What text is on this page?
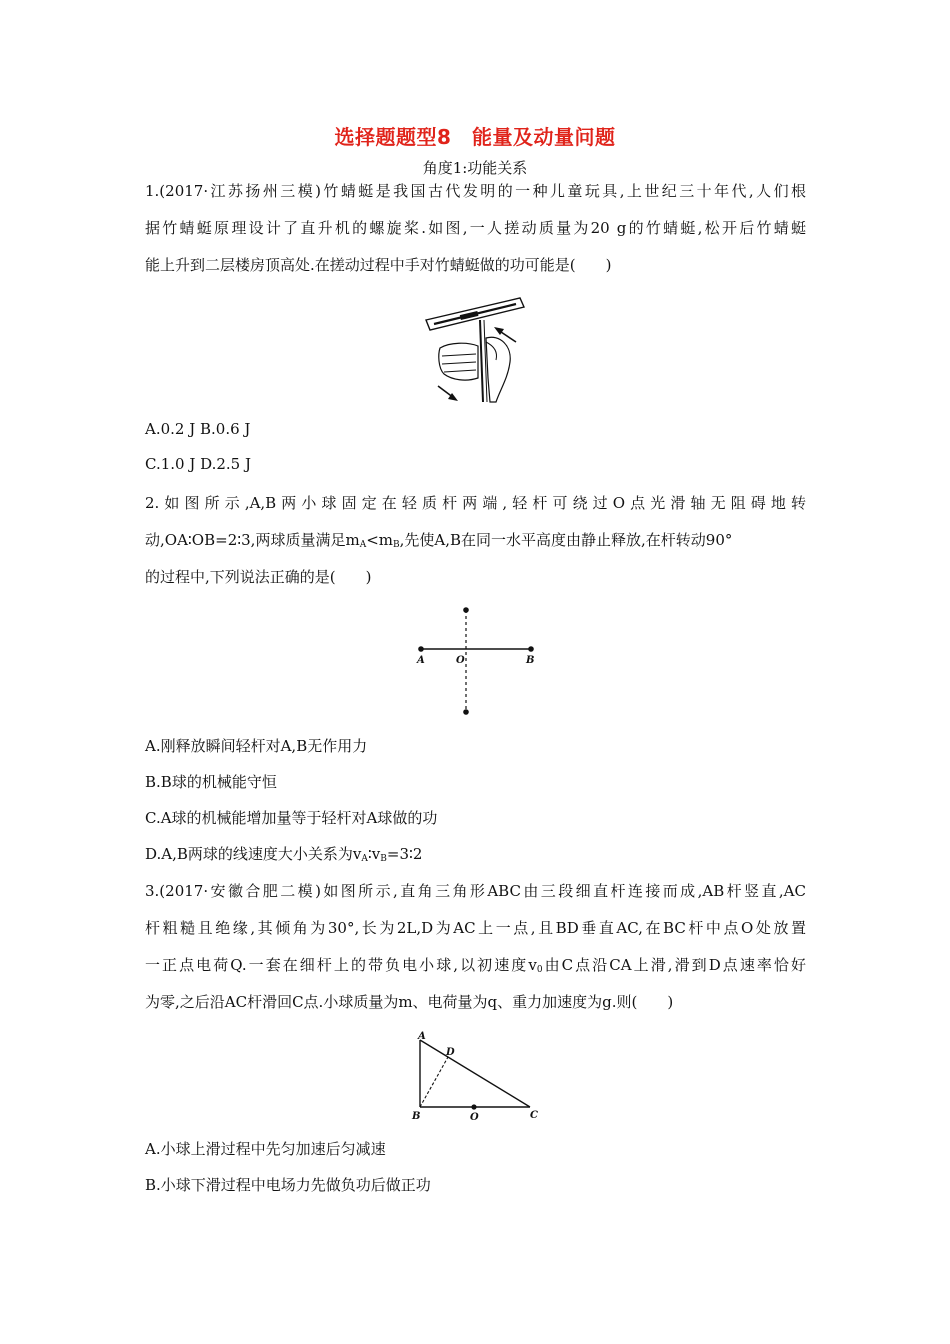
选择题题型8　能量及动量问题
角度1:功能关系
1.(2017·江苏扬州三模)竹蜻蜓是我国古代发明的一种儿童玩具,上世纪三十年代,人们根
据竹蜻蜓原理设计了直升机的螺旋桨.如图,一人搓动质量为20 g的竹蜻蜓,松开后竹蜻蜓
能上升到二层楼房顶高处.在搓动过程中手对竹蜻蜓做的功可能是(　　)
A.0.2 J B.0.6 J
C.1.0 J D.2.5 J
2.如图所示,A,B两小球固定在轻质杆两端,轻杆可绕过O点光滑轴无阻碍地转
动,OA∶OB=2∶3,两球质量满足$m_A<m_B$,先使A,B在同一水平高度由静止释放,在杆转动90°
的过程中,下列说法正确的是(　　)
A	O	B
A.刚释放瞬间轻杆对A,B无作用力
B.B球的机械能守恒
C.A球的机械能增加量等于轻杆对A球做的功
D.A,B两球的线速度大小关系为$v_A∶v_B=3∶2$
3.(2017·安徽合肥二模)如图所示,直角三角形ABC由三段细直杆连接而成,AB杆竖直,AC
杆粗糙且绝缘,其倾角为30°,长为2L,D为AC上一点,且BD垂直AC,在BC杆中点O处放置
一正点电荷Q.一套在细杆上的带负电小球,以初速度$v_0$由C点沿CA上滑,滑到D点速率恰好
为零,之后沿AC杆滑回C点.小球质量为m、电荷量为q、重力加速度为g.则(　　)
A
D
B	O	C
A.小球上滑过程中先匀加速后匀减速
B.小球下滑过程中电场力先做负功后做正功
